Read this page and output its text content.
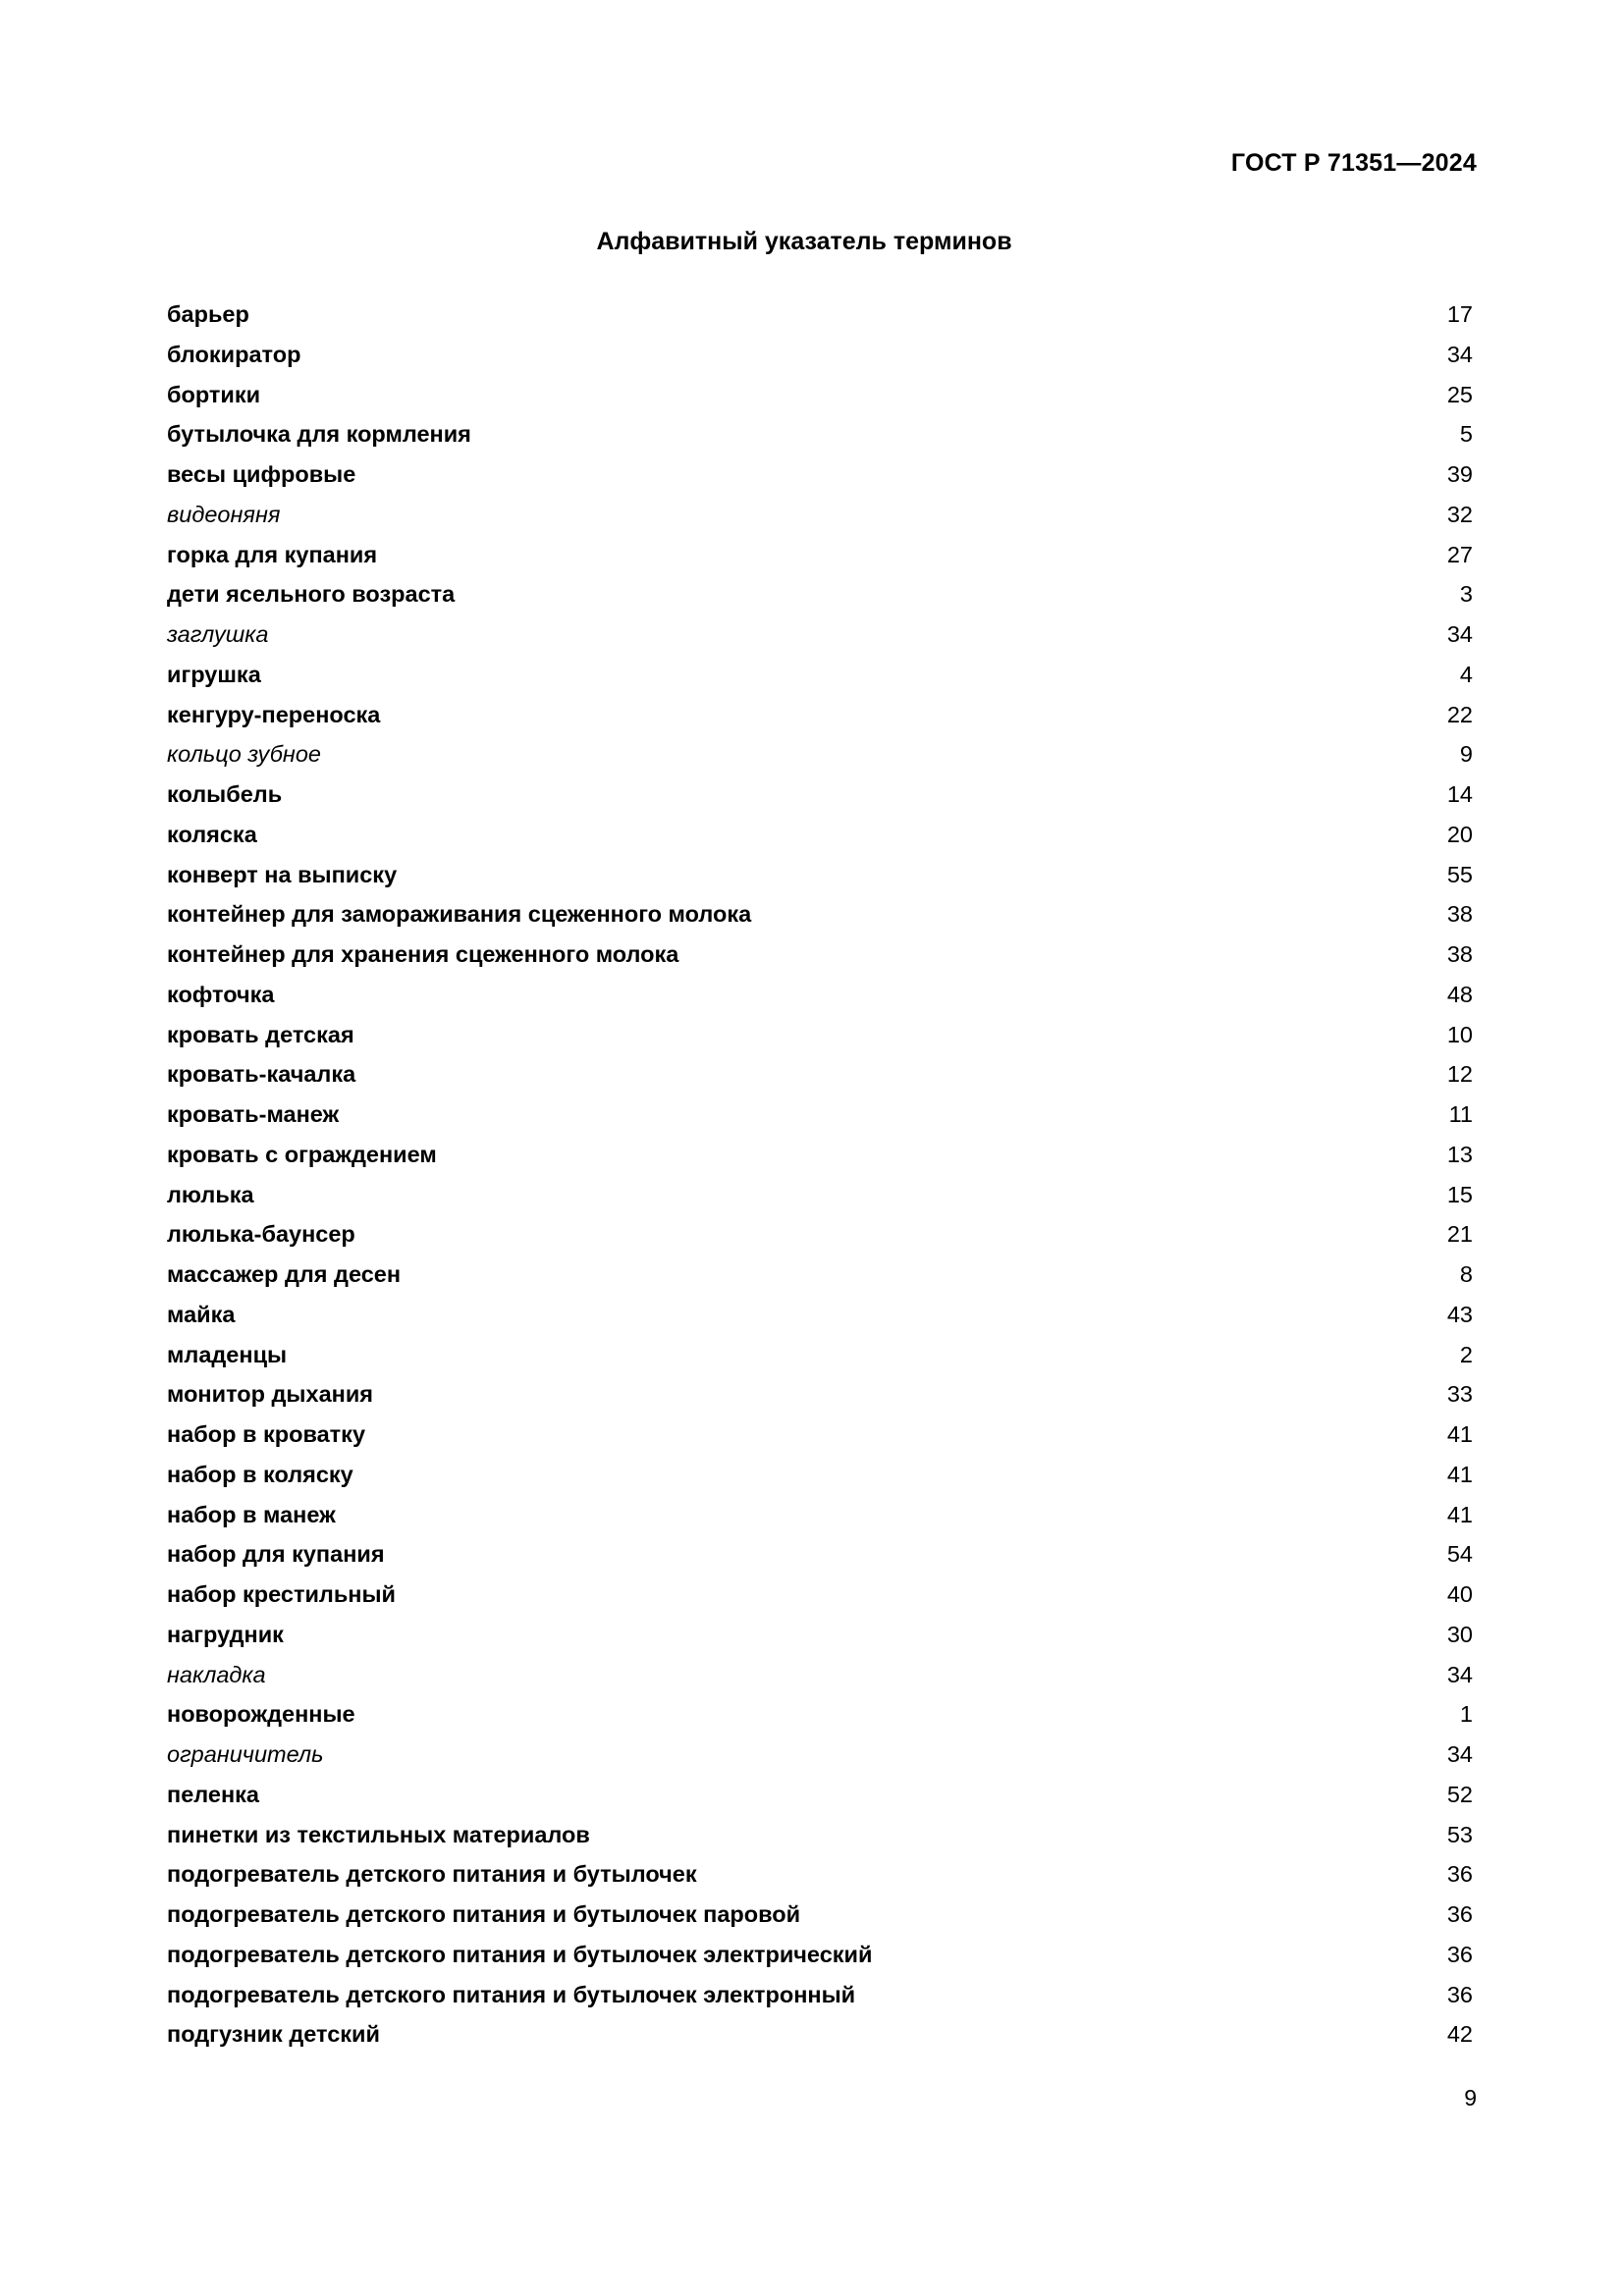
ГОСТ Р 71351—2024
Алфавитный указатель терминов
барьер	17
блокиратор	34
бортики	25
бутылочка для кормления	5
весы цифровые	39
видеоняня	32
горка для купания	27
дети ясельного возраста	3
заглушка	34
игрушка	4
кенгуру-переноска	22
кольцо зубное	9
колыбель	14
коляска	20
конверт на выписку	55
контейнер для замораживания сцеженного молока	38
контейнер для хранения сцеженного молока	38
кофточка	48
кровать детская	10
кровать-качалка	12
кровать-манеж	11
кровать с ограждением	13
люлька	15
люлька-баунсер	21
массажер для десен	8
майка	43
младенцы	2
монитор дыхания	33
набор в кроватку	41
набор в коляску	41
набор в манеж	41
набор для купания	54
набор крестильный	40
нагрудник	30
накладка	34
новорожденные	1
ограничитель	34
пеленка	52
пинетки из текстильных материалов	53
подогреватель детского питания и бутылочек	36
подогреватель детского питания и бутылочек паровой	36
подогреватель детского питания и бутылочек электрический	36
подогреватель детского питания и бутылочек электронный	36
подгузник детский	42
9
